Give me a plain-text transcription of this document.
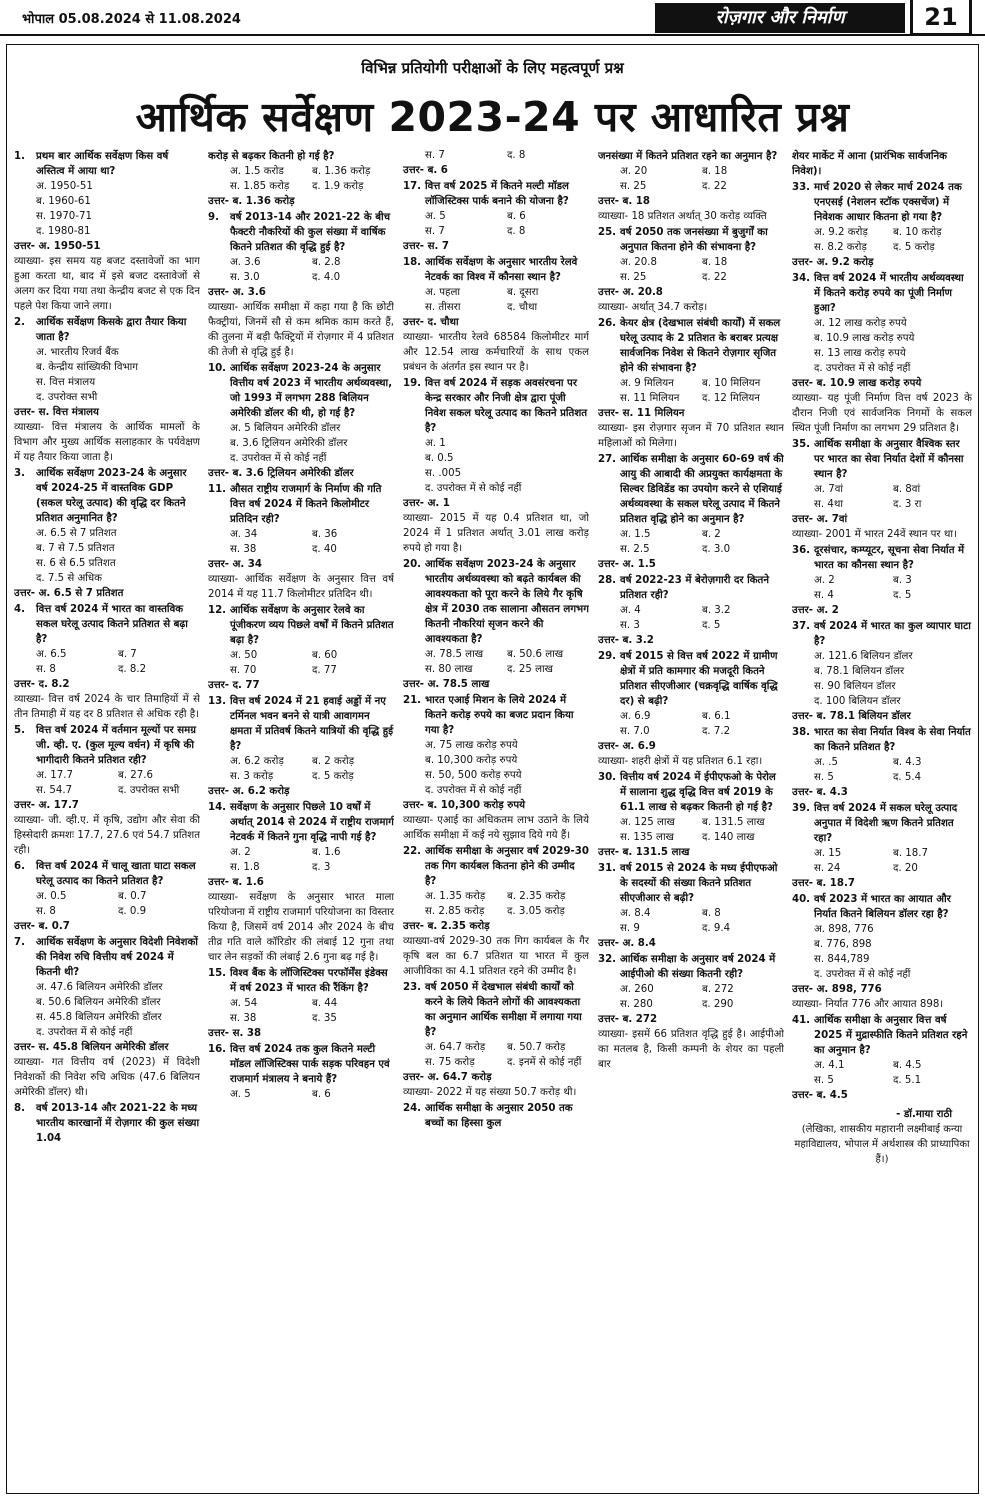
भोपाल 05.08.2024 से 11.08.2024	रोज़गार और निर्माण	21
विभिन्न प्रतियोगी परीक्षाओं के लिए महत्वपूर्ण प्रश्न
आर्थिक सर्वेक्षण 2023-24 पर आधारित प्रश्न
1.	प्रथम बार आर्थिक सर्वेक्षण किस वर्ष अस्तित्व में आया था?
अ. 1950-51
ब. 1960-61
स. 1970-71
द. 1980-81
उत्तर- अ. 1950-51
व्याख्या- इस समय यह बजट दस्तावेजों का भाग हुआ करता था, बाद में इसे बजट दस्तावेजों से अलग कर दिया गया तथा केन्द्रीय बजट से एक दिन पहले पेश किया जाने लगा।
2.	आर्थिक सर्वेक्षण किसके द्वारा तैयार किया जाता है?
अ. भारतीय रिजर्व बैंक
ब. केन्द्रीय सांख्यिकी विभाग
स. वित्त मंत्रालय
द. उपरोक्त सभी
उत्तर- स. वित्त मंत्रालय
व्याख्या- वित्त मंत्रालय के आर्थिक मामलों के विभाग और मुख्य आर्थिक सलाहकार के पर्यवेक्षण में यह तैयार किया जाता है।
3.	आर्थिक सर्वेक्षण 2023-24 के अनुसार वर्ष 2024-25 में वास्तविक GDP (सकल घरेलू उत्पाद) की वृद्धि दर कितने प्रतिशत अनुमानित है?
अ. 6.5 से 7 प्रतिशत
ब. 7 से 7.5 प्रतिशत
स. 6 से 6.5 प्रतिशत
द. 7.5 से अधिक
उत्तर- अ. 6.5 से 7 प्रतिशत
4.	वित्त वर्ष 2024 में भारत का वास्तविक सकल घरेलू उत्पाद कितने प्रतिशत से बढ़ा है?
अ. 6.5	ब. 7
स. 8	द. 8.2
उत्तर- द. 8.2
व्याख्या- वित्त वर्ष 2024 के चार तिमाहियों में से तीन तिमाही में यह दर 8 प्रतिशत से अधिक रही है।
5.	वित्त वर्ष 2024 में वर्तमान मूल्यों पर समग्र जी. व्ही. ए. (कुल मूल्य वर्धन) में कृषि की भागीदारी कितने प्रतिशत रही?
अ. 17.7	ब. 27.6
स. 54.7	द. उपरोक्त सभी
उत्तर- अ. 17.7
व्याख्या- जी. व्ही.ए. में कृषि, उद्योग और सेवा की हिस्सेदारी क्रमशः 17.7, 27.6 एवं 54.7 प्रतिशत रही।
6.	वित्त वर्ष 2024 में चालू खाता घाटा सकल घरेलू उत्पाद का कितने प्रतिशत है?
अ. 0.5	ब. 0.7
स. 8	द. 0.9
उत्तर- ब. 0.7
7.	आर्थिक सर्वेक्षण के अनुसार विदेशी निवेशकों की निवेश रुचि वित्तीय वर्ष 2024 में कितनी थी?
अ. 47.6 बिलियन अमेरिकी डॉलर
ब. 50.6 बिलियन अमेरिकी डॉलर
स. 45.8 बिलियन अमेरिकी डॉलर
द. उपरोक्त में से कोई नहीं
उत्तर- स. 45.8 बिलियन अमेरिकी डॉलर
व्याख्या- गत वित्तीय वर्ष (2023) में विदेशी निवेशकों की निवेश रुचि अधिक (47.6 बिलियन अमेरिकी डॉलर) थी।
8.	वर्ष 2013-14 और 2021-22 के मध्य भारतीय कारखानों में रोज़गार की कुल संख्या 1.04
करोड़ से बढ़कर कितनी हो गई है?
अ. 1.5 करोड	ब. 1.36 करोड़
स. 1.85 करोड़	द. 1.9 करोड़
उत्तर- ब. 1.36 करोड़
9.	वर्ष 2013-14 और 2021-22 के बीच फैक्टरी नौकरियों की कुल संख्या में वार्षिक कितने प्रतिशत की वृद्धि हुई है?
अ. 3.6	ब. 2.8
स. 3.0	द. 4.0
उत्तर- अ. 3.6
व्याख्या- आर्थिक समीक्षा में कहा गया है कि छोटी फैक्ट्रीयां, जिनमें सौ से कम श्रमिक काम करते हैं, की तुलना में बड़ी फैक्ट्रियों में रोज़गार में 4 प्रतिशत की तेजी से वृद्धि हुई है।
10. आर्थिक सर्वेक्षण 2023-24 के अनुसार वित्तीय वर्ष 2023 में भारतीय अर्थव्यवस्था, जो 1993 में लगभग 288 बिलियन अमेरिकी डॉलर की थी, हो गई है?
अ. 5 बिलियन अमेरिकी डॉलर
ब. 3.6 ट्रिलियन अमेरिकी डॉलर
द. उपरोक्त में से कोई नहीं
उत्तर- ब. 3.6 ट्रिलियन अमेरिकी डॉलर
11. औसत राष्ट्रीय राजमार्ग के निर्माण की गति वित्त वर्ष 2024 में कितने किलोमीटर प्रतिदिन रही?
अ. 34	ब. 36
स. 38	द. 40
उत्तर- अ. 34
व्याख्या- आर्थिक सर्वेक्षण के अनुसार वित्त वर्ष 2014 में यह 11.7 किलोमीटर प्रतिदिन थी।
12. आर्थिक सर्वेक्षण के अनुसार रेलवे का पूंजीकरण व्यय पिछले वर्षों में कितने प्रतिशत बढ़ा है?
अ. 50	ब. 60
स. 70	द. 77
उत्तर- द. 77
13. वित्त वर्ष 2024 में 21 हवाई अड्डों में नए टर्मिनल भवन बनने से यात्री आवागमन क्षमता में प्रतिवर्ष कितने यात्रियों की वृद्धि हुई है?
अ. 6.2 करोड़	ब. 2 करोड़
स. 3 करोड़	द. 5 करोड़
उत्तर- अ. 6.2 करोड़
14. सर्वेक्षण के अनुसार पिछले 10 वर्षों में अर्थात् 2014 से 2024 में राष्ट्रीय राजमार्ग नेटवर्क में कितने गुना वृद्धि नापी गई है?
अ. 2	ब. 1.6
स. 1.8	द. 3
उत्तर- ब. 1.6
व्याख्या- सर्वेक्षण के अनुसार भारत माला परियोजना में राष्ट्रीय राजमार्ग परियोजना का विस्तार किया है, जिसमें वर्ष 2014 और 2024 के बीच तीव्र गति वाले कॉरिडोर की लंबाई 12 गुना तथा चार लेन सड़कों की लंबाई 2.6 गुना बढ़ गई है।
15. विश्व बैंक के लॉजिस्टिक्स परफॉर्मेंस इंडेक्स में वर्ष 2023 में भारत की रैंकिंग है?
अ. 54	ब. 44
स. 38	द. 35
उत्तर- स. 38
16. वित्त वर्ष 2024 तक कुल कितने मल्टी मॉडल लॉजिस्टिक्स पार्क सड़क परिवहन एवं राजमार्ग मंत्रालय ने बनाये हैं?
अ. 5	ब. 6
स. 7	द. 8
उत्तर- ब. 6
17. वित्त वर्ष 2025 में कितने मल्टी मॉडल लॉजिस्टिक्स पार्क बनाने की योजना है?
अ. 5	ब. 6
स. 7	द. 8
उत्तर- स. 7
18. आर्थिक सर्वेक्षण के अनुसार भारतीय रेलवे नेटवर्क का विश्व में कौनसा स्थान है?
अ. पहला	ब. दूसरा
स. तीसरा	द. चौथा
उत्तर- द. चौथा
व्याख्या- भारतीय रेलवे 68584 किलोमीटर मार्ग और 12.54 लाख कर्मचारियों के साथ एकल प्रबंधन के अंतर्गत इस स्थान पर है।
19. वित्त वर्ष 2024 में सड़क अवसंरचना पर केन्द्र सरकार और निजी क्षेत्र द्वारा पूंजी निवेश सकल घरेलू उत्पाद का कितने प्रतिशत है?
अ. 1
ब. 0.5
स. .005
द. उपरोक्त में से कोई नहीं
उत्तर- अ. 1
व्याख्या- 2015 में यह 0.4 प्रतिशत था, जो 2024 में 1 प्रतिशत अर्थात् 3.01 लाख करोड़ रुपये हो गया है।
20. आर्थिक सर्वेक्षण 2023-24 के अनुसार भारतीय अर्थव्यवस्था को बढ़ते कार्यबल की आवश्यकता को पूरा करने के लिये गैर कृषि क्षेत्र में 2030 तक सालाना औसतन लगभग कितनी नौकरियां सृजन करने की आवश्यकता है?
अ. 78.5 लाख	ब. 50.6 लाख
स. 80 लाख	द. 25 लाख
उत्तर- अ. 78.5 लाख
21. भारत एआई मिशन के लिये 2024 में कितने करोड़ रुपये का बजट प्रदान किया गया है?
अ. 75 लाख करोड़ रुपये
ब. 10,300 करोड़ रुपये
स. 50, 500 करोड़ रुपये
द. उपरोक्त में से कोई नहीं
उत्तर- ब. 10,300 करोड़ रुपये
व्याख्या- एआई का अधिकतम लाभ उठाने के लिये आर्थिक समीक्षा में कई नये सुझाव दिये गये हैं।
22. आर्थिक समीक्षा के अनुसार वर्ष 2029-30 तक गिग कार्यबल कितना होने की उम्मीद है?
अ. 1.35 करोड़	ब. 2.35 करोड़
स. 2.85 करोड़	द. 3.05 करोड़
उत्तर- ब. 2.35 करोड़
व्याख्या-वर्ष 2029-30 तक गिग कार्यबल के गैर कृषि बल का 6.7 प्रतिशत या भारत में कुल आजीविका का 4.1 प्रतिशत रहने की उम्मीद है।
23. वर्ष 2050 में देखभाल संबंधी कार्यों को करने के लिये कितने लोगों की आवश्यकता का अनुमान आर्थिक समीक्षा में लगाया गया है?
अ. 64.7 करोड़	ब. 50.7 करोड़
स. 75 करोड़	द. इनमें से कोई नहीं
उत्तर- अ. 64.7 करोड़
व्याख्या- 2022 में यह संख्या 50.7 करोड़ थी।
24. आर्थिक समीक्षा के अनुसार 2050 तक बच्चों का हिस्सा कुल
जनसंख्या में कितने प्रतिशत रहने का अनुमान है?
अ. 20	ब. 18
स. 25	द. 22
उत्तर- ब. 18
व्याख्या- 18 प्रतिशत अर्थात् 30 करोड़ व्यक्ति
25. वर्ष 2050 तक जनसंख्या में बुजुर्गों का अनुपात कितना होने की संभावना है?
अ. 20.8	ब. 18
स. 25	द. 22
उत्तर- अ. 20.8
व्याख्या- अर्थात् 34.7 करोड़।
26. केयर क्षेत्र (देखभाल संबंधी कार्यों) में सकल घरेलू उत्पाद के 2 प्रतिशत के बराबर प्रत्यक्ष सार्वजनिक निवेश से कितने रोज़गार सृजित होने की संभावना है?
अ. 9 मिलियन	ब. 10 मिलियन
स. 11 मिलियन	द. 12 मिलियन
उत्तर- स. 11 मिलियन
व्याख्या- इस रोज़गार सृजन में 70 प्रतिशत स्थान महिलाओं को मिलेगा।
27. आर्थिक समीक्षा के अनुसार 60-69 वर्ष की आयु की आबादी की अप्रयुक्त कार्यक्षमता के सिल्वर डिविडेंड का उपयोग करने से एशियाई अर्थव्यवस्था के सकल घरेलू उत्पाद में कितने प्रतिशत वृद्धि होने का अनुमान है?
अ. 1.5	ब. 2
स. 2.5	द. 3.0
उत्तर- अ. 1.5
28. वर्ष 2022-23 में बेरोज़गारी दर कितने प्रतिशत रही?
अ. 4	ब. 3.2
स. 3	द. 5
उत्तर- ब. 3.2
29. वर्ष 2015 से वित्त वर्ष 2022 में ग्रामीण क्षेत्रों में प्रति कामगार की मजदूरी कितने प्रतिशत सीएजीआर (चक्रवृद्धि वार्षिक वृद्धि दर) से बढ़ी?
अ. 6.9	ब. 6.1
स. 7.0	द. 7.2
उत्तर- अ. 6.9
व्याख्या- शहरी क्षेत्रों में यह प्रतिशत 6.1 रहा।
30. वित्तीय वर्ष 2024 में ईपीएफओ के पेरोल में सालाना शुद्ध वृद्धि वित्त वर्ष 2019 के 61.1 लाख से बढ़कर कितनी हो गई है?
अ. 125 लाख	ब. 131.5 लाख
स. 135 लाख	द. 140 लाख
उत्तर- ब. 131.5 लाख
31. वर्ष 2015 से 2024 के मध्य ईपीएफओ के सदस्यों की संख्या कितने प्रतिशत सीएजीआर से बढ़ी?
अ. 8.4	ब. 8
स. 9	द. 9.4
उत्तर- अ. 8.4
32. आर्थिक समीक्षा के अनुसार वर्ष 2024 में आईपीओ की संख्या कितनी रही?
अ. 260	ब. 272
स. 280	द. 290
उत्तर- ब. 272
व्याख्या- इसमें 66 प्रतिशत वृद्धि हुई है। आईपीओ का मतलब है, किसी कम्पनी के शेयर का पहली बार
शेयर मार्केट में आना (प्रारंभिक सार्वजनिक निवेश)।
33. मार्च 2020 से लेकर मार्च 2024 तक एनएसई (नेशलन स्टॉक एक्सचेंज) में निवेशक आधार कितना हो गया है?
अ. 9.2 करोड़	ब. 10 करोड़
स. 8.2 करोड़	द. 5 करोड़
उत्तर- अ. 9.2 करोड़
34. वित्त वर्ष 2024 में भारतीय अर्थव्यवस्था में कितने करोड़ रुपये का पूंजी निर्माण हुआ?
अ. 12 लाख करोड़ रुपये
ब. 10.9 लाख करोड़ रुपये
स. 13 लाख करोड़ रुपये
द. उपरोक्त में से कोई नहीं
उत्तर- ब. 10.9 लाख करोड़ रुपये
व्याख्या- यह पूंजी निर्माण वित्त वर्ष 2023 के दौरान निजी एवं सार्वजनिक निगमों के सकल स्थित पूंजी निर्माण का लगभग 29 प्रतिशत है।
35. आर्थिक समीक्षा के अनुसार वैश्विक स्तर पर भारत का सेवा निर्यात देशों में कौनसा स्थान है?
अ. 7वां	ब. 8वां
स. 4था	द. 3 रा
उत्तर- अ. 7वां
व्याख्या- 2001 में भारत 24वें स्थान पर था।
36. दूरसंचार, कम्प्यूटर, सूचना सेवा निर्यात में भारत का कौनसा स्थान है?
अ. 2	ब. 3
स. 4	द. 5
उत्तर- अ. 2
37. वर्ष 2024 में भारत का कुल व्यापार घाटा है?
अ. 121.6 बिलियन डॉलर
ब. 78.1 बिलियन डॉलर
स. 90 बिलियन डॉलर
द. 100 बिलियन डॉलर
उत्तर- ब. 78.1 बिलियन डॉलर
38. भारत का सेवा निर्यात विश्व के सेवा निर्यात का कितने प्रतिशत है?
अ. .5	ब. 4.3
स. 5	द. 5.4
उत्तर- ब. 4.3
39. वित्त वर्ष 2024 में सकल घरेलू उत्पाद अनुपात में विदेशी ऋण कितने प्रतिशत रहा?
अ. 15	ब. 18.7
स. 24	द. 20
उत्तर- ब. 18.7
40. वर्ष 2023 में भारत का आयात और निर्यात कितने बिलियन डॉलर रहा है?
अ. 898, 776
ब. 776, 898
स. 844,789
द. उपरोक्त में से कोई नहीं
उत्तर- अ. 898, 776
व्याख्या- निर्यात 776 और आयात 898।
41. आर्थिक समीक्षा के अनुसार वित्त वर्ष 2025 में मुद्रास्फीति कितने प्रतिशत रहने का अनुमान है?
अ. 4.1	ब. 4.5
स. 5	द. 5.1
उत्तर- ब. 4.5
- डॉ.माया राठी
(लेखिका, शासकीय महारानी लक्ष्मीबाई कन्या महाविद्यालय, भोपाल में अर्थशास्त्र की प्राध्यापिका हैं।)
